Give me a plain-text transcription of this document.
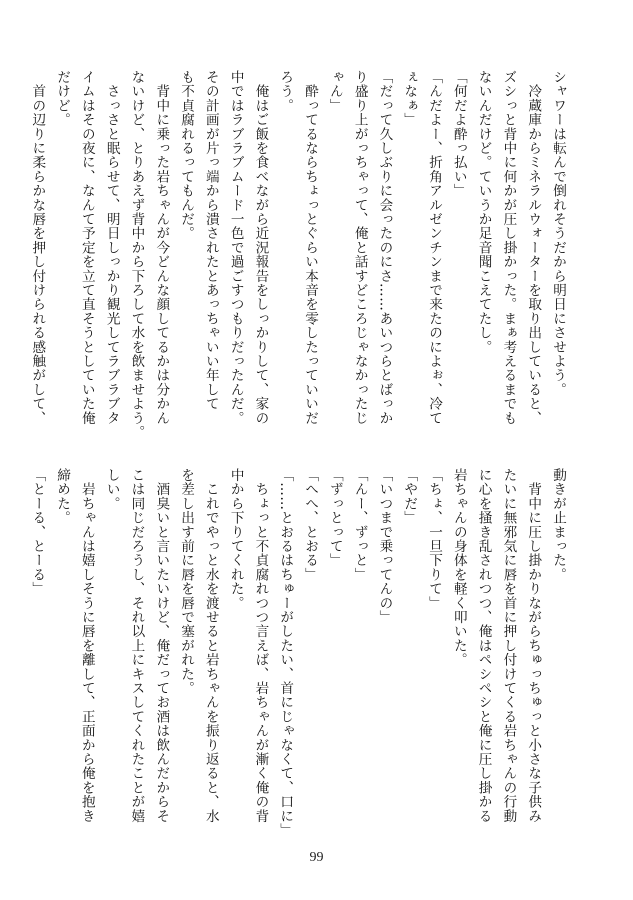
シャワーは転んで倒れそうだから明日にさせよう。
　冷蔵庫からミネラルウォーターを取り出していると、
ズシっと背中に何かが圧し掛かった。まぁ考えるまでも
ないんだけど。ていうか足音聞こえてたし。
「何だよ酔っ払い」
「んだよー、折角アルゼンチンまで来たのによぉ、冷て
ぇなぁ」
「だって久しぶりに会ったのにさ……あいつらとばっか
り盛り上がっちゃって、俺と話すどころじゃなかったじ
ゃん」
　酔ってるならちょっとぐらい本音を零したっていいだ
ろう。
　俺はご飯を食べながら近況報告をしっかりして、家の
中ではラブラブムード一色で過ごすつもりだったんだ。
その計画が片っ端から潰されたとあっちゃいい年して
も不貞腐れるってもんだ。
　背中に乗った岩ちゃんが今どんな顔してるかは分かん
ないけど、とりあえず背中から下ろして水を飲ませよう。
　さっさと眠らせて、明日しっかり観光してラブラブタ
イムはその夜に、なんて予定を立て直そうとしていた俺
だけど。
　首の辺りに柔らかな唇を押し付けられる感触がして、
動きが止まった。
　背中に圧し掛かりながらちゅっちゅっと小さな子供み
たいに無邪気に唇を首に押し付けてくる岩ちゃんの行動
に心を掻き乱されつつ、俺はペシペシと俺に圧し掛かる
岩ちゃんの身体を軽く叩いた。
「ちょ、一旦下りて」
「やだ」
「いつまで乗ってんの」
「んー、ずっと」
「ずっとって」
「へへ、とおる」
「……とおるはちゅーがしたい、首にじゃなくて、口に」
　ちょっと不貞腐れつつ言えば、岩ちゃんが漸く俺の背
中から下りてくれた。
　これでやっと水を渡せると岩ちゃんを振り返ると、水
を差し出す前に唇を唇で塞がれた。
　酒臭いと言いたいけど、俺だってお酒は飲んだからそ
こは同じだろうし、それ以上にキスしてくれたことが嬉
しい。
　岩ちゃんは嬉しそうに唇を離して、正面から俺を抱き
締めた。
「とーる、とーる」
99
